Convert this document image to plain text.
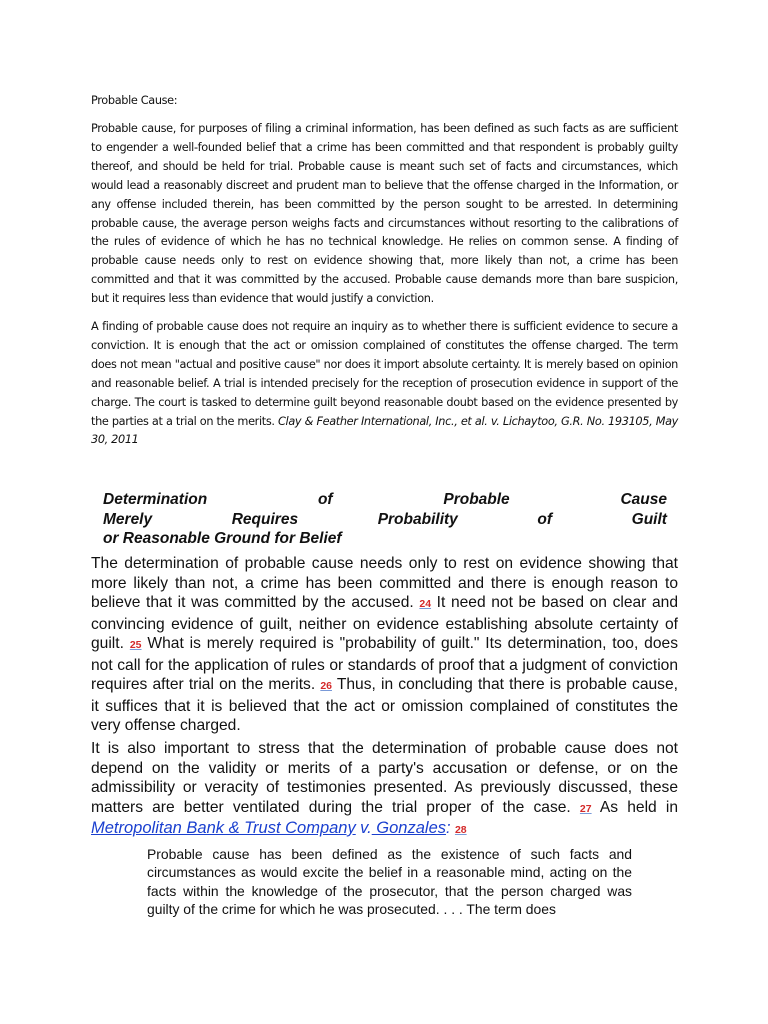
Probable Cause:
Probable cause, for purposes of filing a criminal information, has been defined as such facts as are sufficient to engender a well-founded belief that a crime has been committed and that respondent is probably guilty thereof, and should be held for trial. Probable cause is meant such set of facts and circumstances, which would lead a reasonably discreet and prudent man to believe that the offense charged in the Information, or any offense included therein, has been committed by the person sought to be arrested. In determining probable cause, the average person weighs facts and circumstances without resorting to the calibrations of the rules of evidence of which he has no technical knowledge. He relies on common sense. A finding of probable cause needs only to rest on evidence showing that, more likely than not, a crime has been committed and that it was committed by the accused. Probable cause demands more than bare suspicion, but it requires less than evidence that would justify a conviction.
A finding of probable cause does not require an inquiry as to whether there is sufficient evidence to secure a conviction. It is enough that the act or omission complained of constitutes the offense charged. The term does not mean "actual and positive cause" nor does it import absolute certainty. It is merely based on opinion and reasonable belief. A trial is intended precisely for the reception of prosecution evidence in support of the charge. The court is tasked to determine guilt beyond reasonable doubt based on the evidence presented by the parties at a trial on the merits. Clay & Feather International, Inc., et al. v. Lichaytoo, G.R. No. 193105, May 30, 2011
Determination	of	Probable	Cause
Merely	Requires	Probability	of	Guilt
or Reasonable Ground for Belief
The determination of probable cause needs only to rest on evidence showing that more likely than not, a crime has been committed and there is enough reason to believe that it was committed by the accused. 24 It need not be based on clear and convincing evidence of guilt, neither on evidence establishing absolute certainty of guilt. 25 What is merely required is "probability of guilt." Its determination, too, does not call for the application of rules or standards of proof that a judgment of conviction requires after trial on the merits. 26 Thus, in concluding that there is probable cause, it suffices that it is believed that the act or omission complained of constitutes the very offense charged.
It is also important to stress that the determination of probable cause does not depend on the validity or merits of a party's accusation or defense, or on the admissibility or veracity of testimonies presented. As previously discussed, these matters are better ventilated during the trial proper of the case. 27 As held in Metropolitan Bank & Trust Company v. Gonzales: 28
Probable cause has been defined as the existence of such facts and circumstances as would excite the belief in a reasonable mind, acting on the facts within the knowledge of the prosecutor, that the person charged was guilty of the crime for which he was prosecuted. . . . The term does
